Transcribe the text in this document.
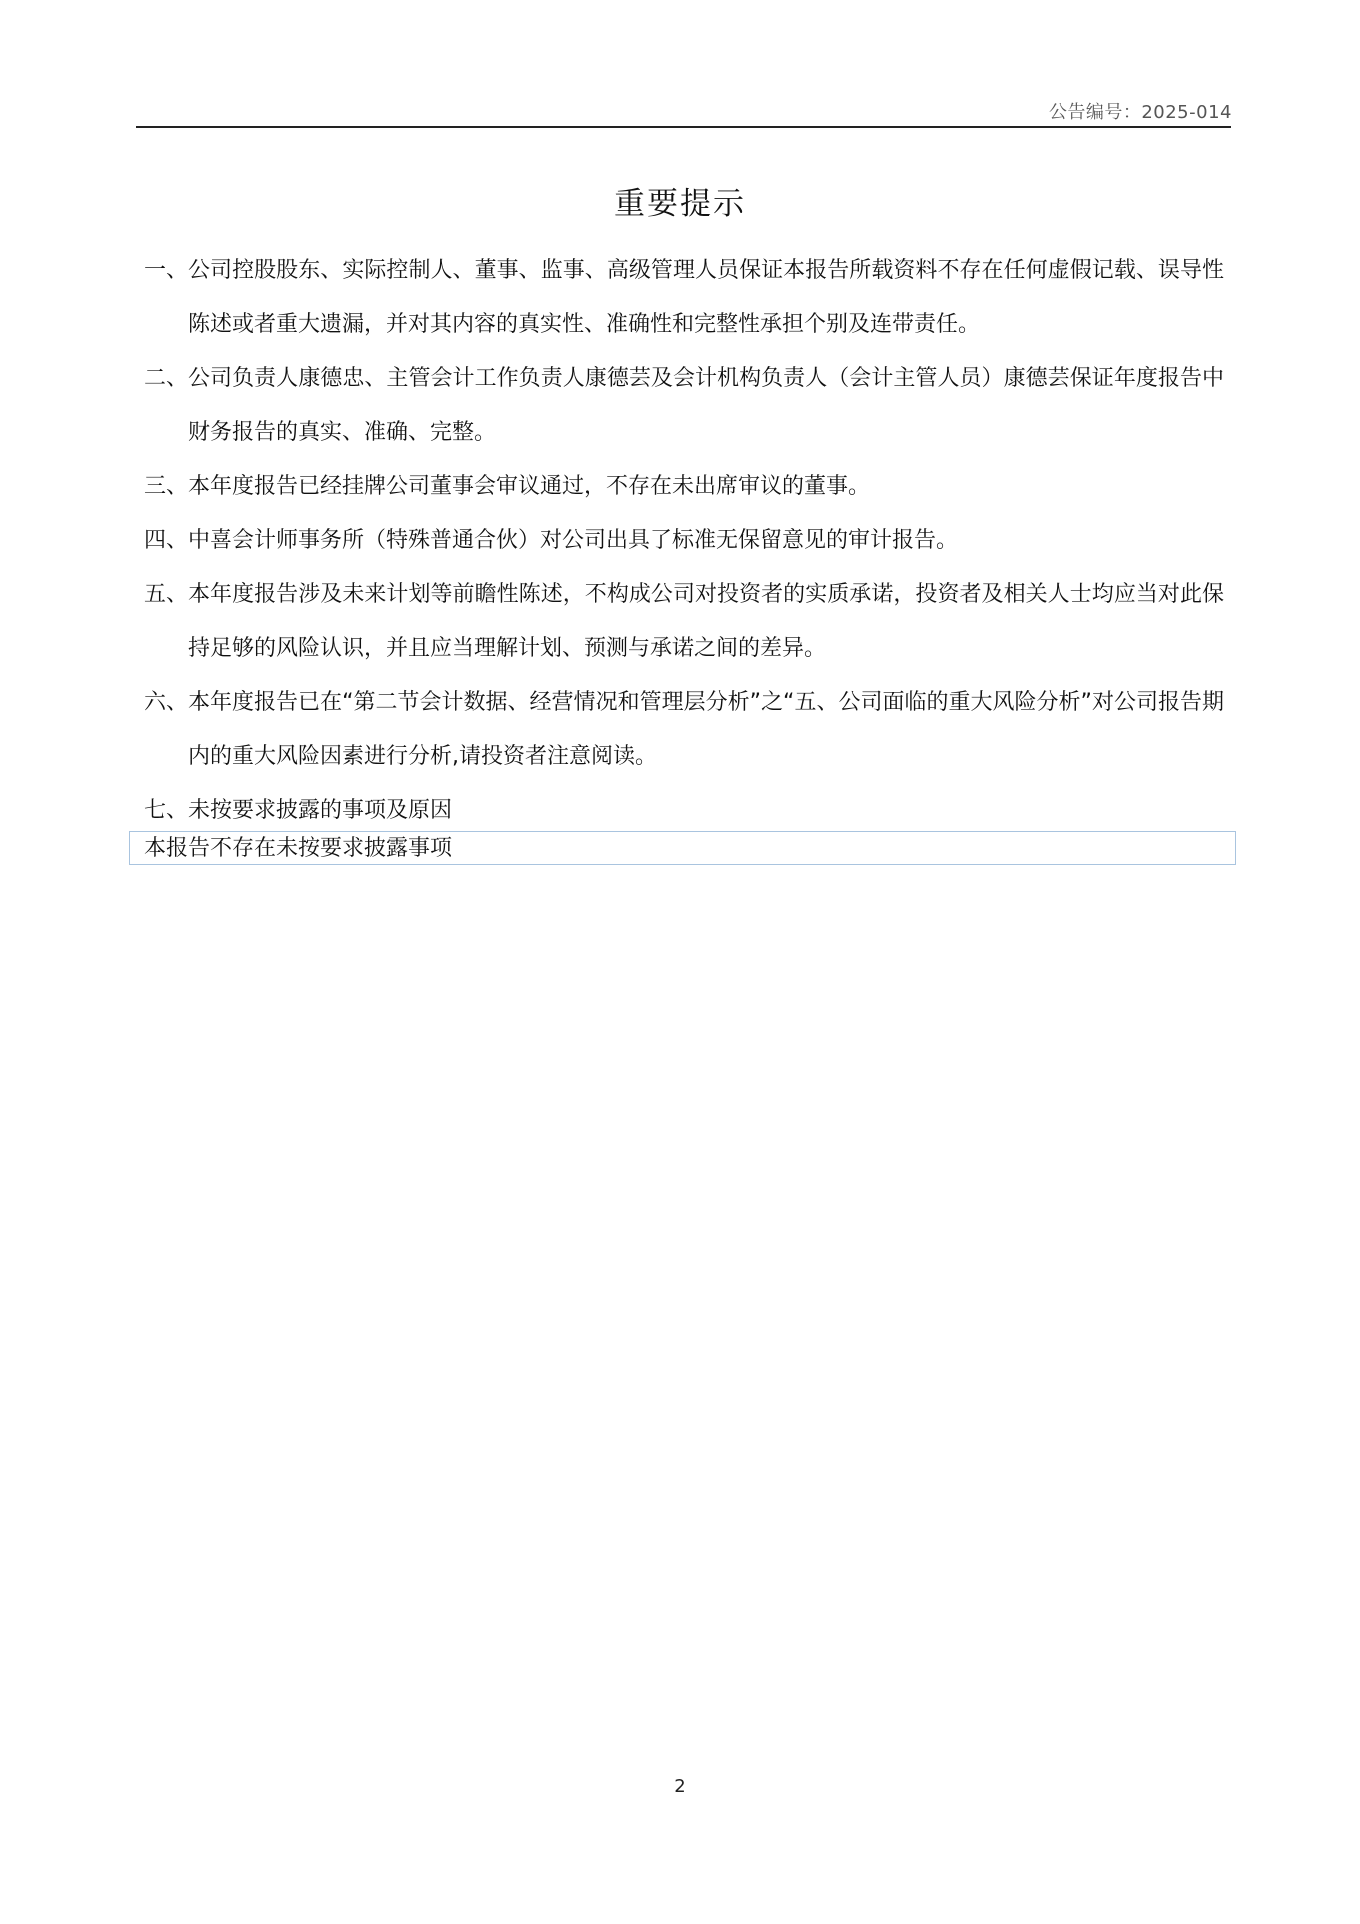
公告编号：2025-014
重要提示
一、 公司控股股东、实际控制人、董事、监事、高级管理人员保证本报告所载资料不存在任何虚假记载、误导性陈述或者重大遗漏，并对其内容的真实性、准确性和完整性承担个别及连带责任。
二、 公司负责人康德忠、主管会计工作负责人康德芸及会计机构负责人（会计主管人员）康德芸保证年度报告中财务报告的真实、准确、完整。
三、 本年度报告已经挂牌公司董事会审议通过，不存在未出席审议的董事。
四、 中喜会计师事务所（特殊普通合伙）对公司出具了标准无保留意见的审计报告。
五、 本年度报告涉及未来计划等前瞻性陈述，不构成公司对投资者的实质承诺，投资者及相关人士均应当对此保持足够的风险认识，并且应当理解计划、预测与承诺之间的差异。
六、 本年度报告已在“第二节会计数据、经营情况和管理层分析”之“五、公司面临的重大风险分析”对公司报告期内的重大风险因素进行分析,请投资者注意阅读。
七、 未按要求披露的事项及原因
本报告不存在未按要求披露事项
2
